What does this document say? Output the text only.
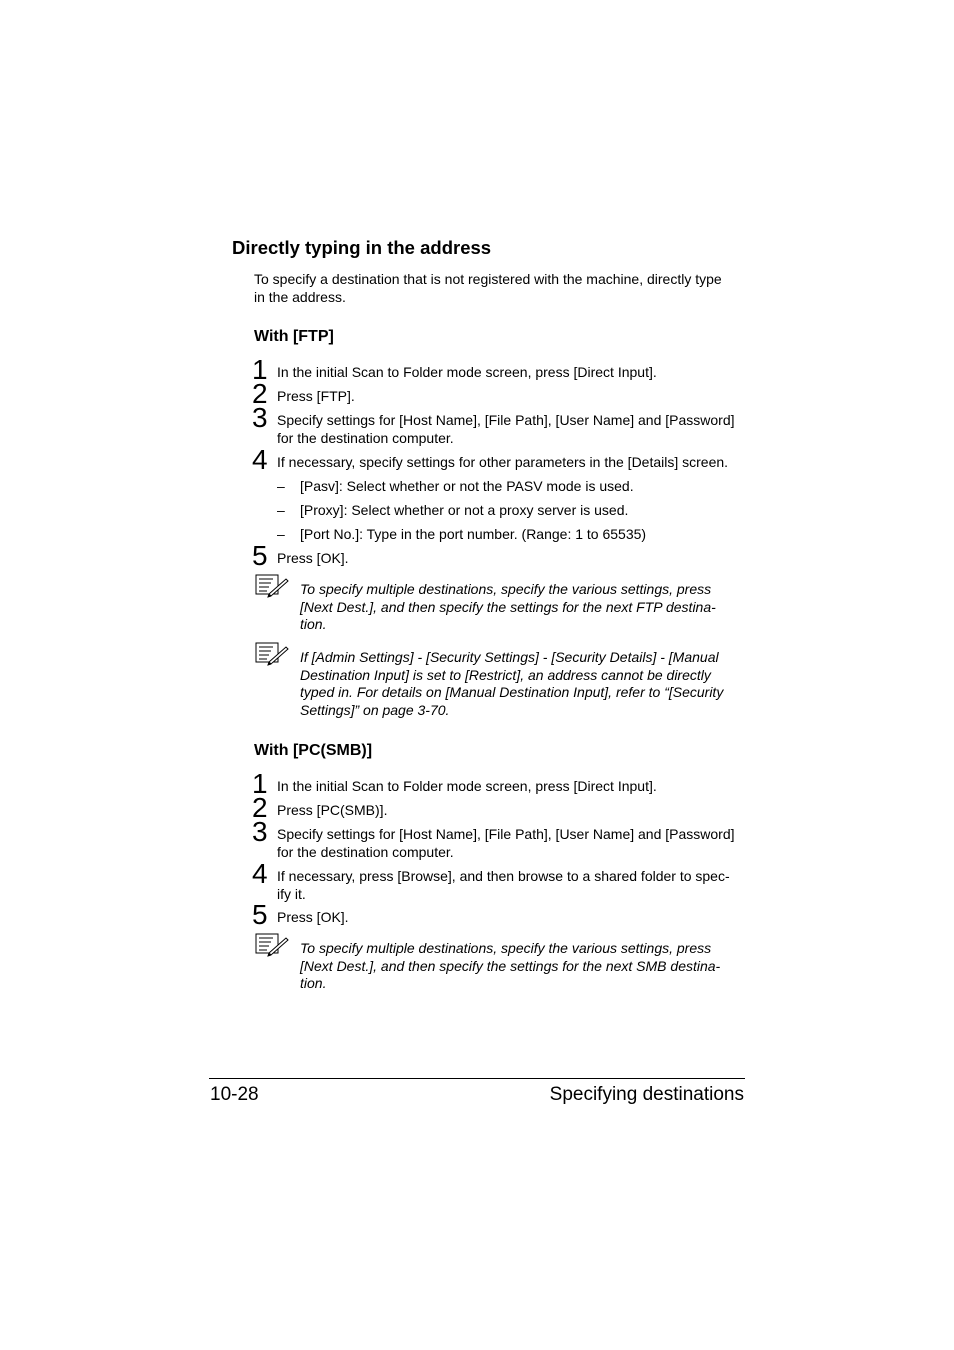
Directly typing in the address
To specify a destination that is not registered with the machine, directly type
in the address.
With [FTP]
1 In the initial Scan to Folder mode screen, press [Direct Input].
2 Press [FTP].
3 Specify settings for [Host Name], [File Path], [User Name] and [Password]
for the destination computer.
4 If necessary, specify settings for other parameters in the [Details] screen.
– [Pasv]: Select whether or not the PASV mode is used.
– [Proxy]: Select whether or not a proxy server is used.
– [Port No.]: Type in the port number. (Range: 1 to 65535)
5 Press [OK].
To specify multiple destinations, specify the various settings, press
[Next Dest.], and then specify the settings for the next FTP destina-
tion.
If [Admin Settings] - [Security Settings] - [Security Details] - [Manual
Destination Input] is set to [Restrict], an address cannot be directly
typed in. For details on [Manual Destination Input], refer to “[Security
Settings]” on page 3-70.
With [PC(SMB)]
1 In the initial Scan to Folder mode screen, press [Direct Input].
2 Press [PC(SMB)].
3 Specify settings for [Host Name], [File Path], [User Name] and [Password]
for the destination computer.
4 If necessary, press [Browse], and then browse to a shared folder to spec-
ify it.
5 Press [OK].
To specify multiple destinations, specify the various settings, press
[Next Dest.], and then specify the settings for the next SMB destina-
tion.
10-28	Specifying destinations
